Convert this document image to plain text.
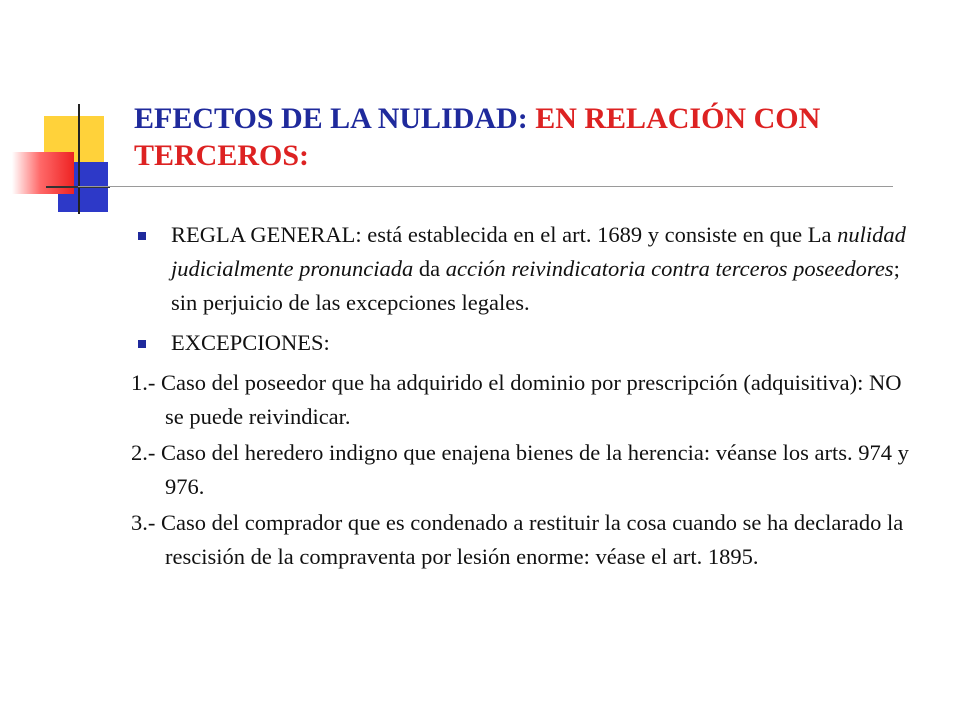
EFECTOS DE LA NULIDAD: EN RELACIÓN CON TERCEROS:
REGLA GENERAL: está establecida en el art. 1689 y consiste en que La nulidad judicialmente pronunciada da acción reivindicatoria contra terceros poseedores; sin perjuicio de las excepciones legales.
EXCEPCIONES:
1.- Caso del poseedor que ha adquirido el dominio por prescripción (adquisitiva): NO se puede reivindicar.
2.- Caso del heredero indigno que enajena bienes de la herencia: véanse los arts. 974 y 976.
3.- Caso del comprador que es condenado a restituir la cosa cuando se ha declarado la rescisión de la compraventa por lesión enorme: véase el art. 1895.
